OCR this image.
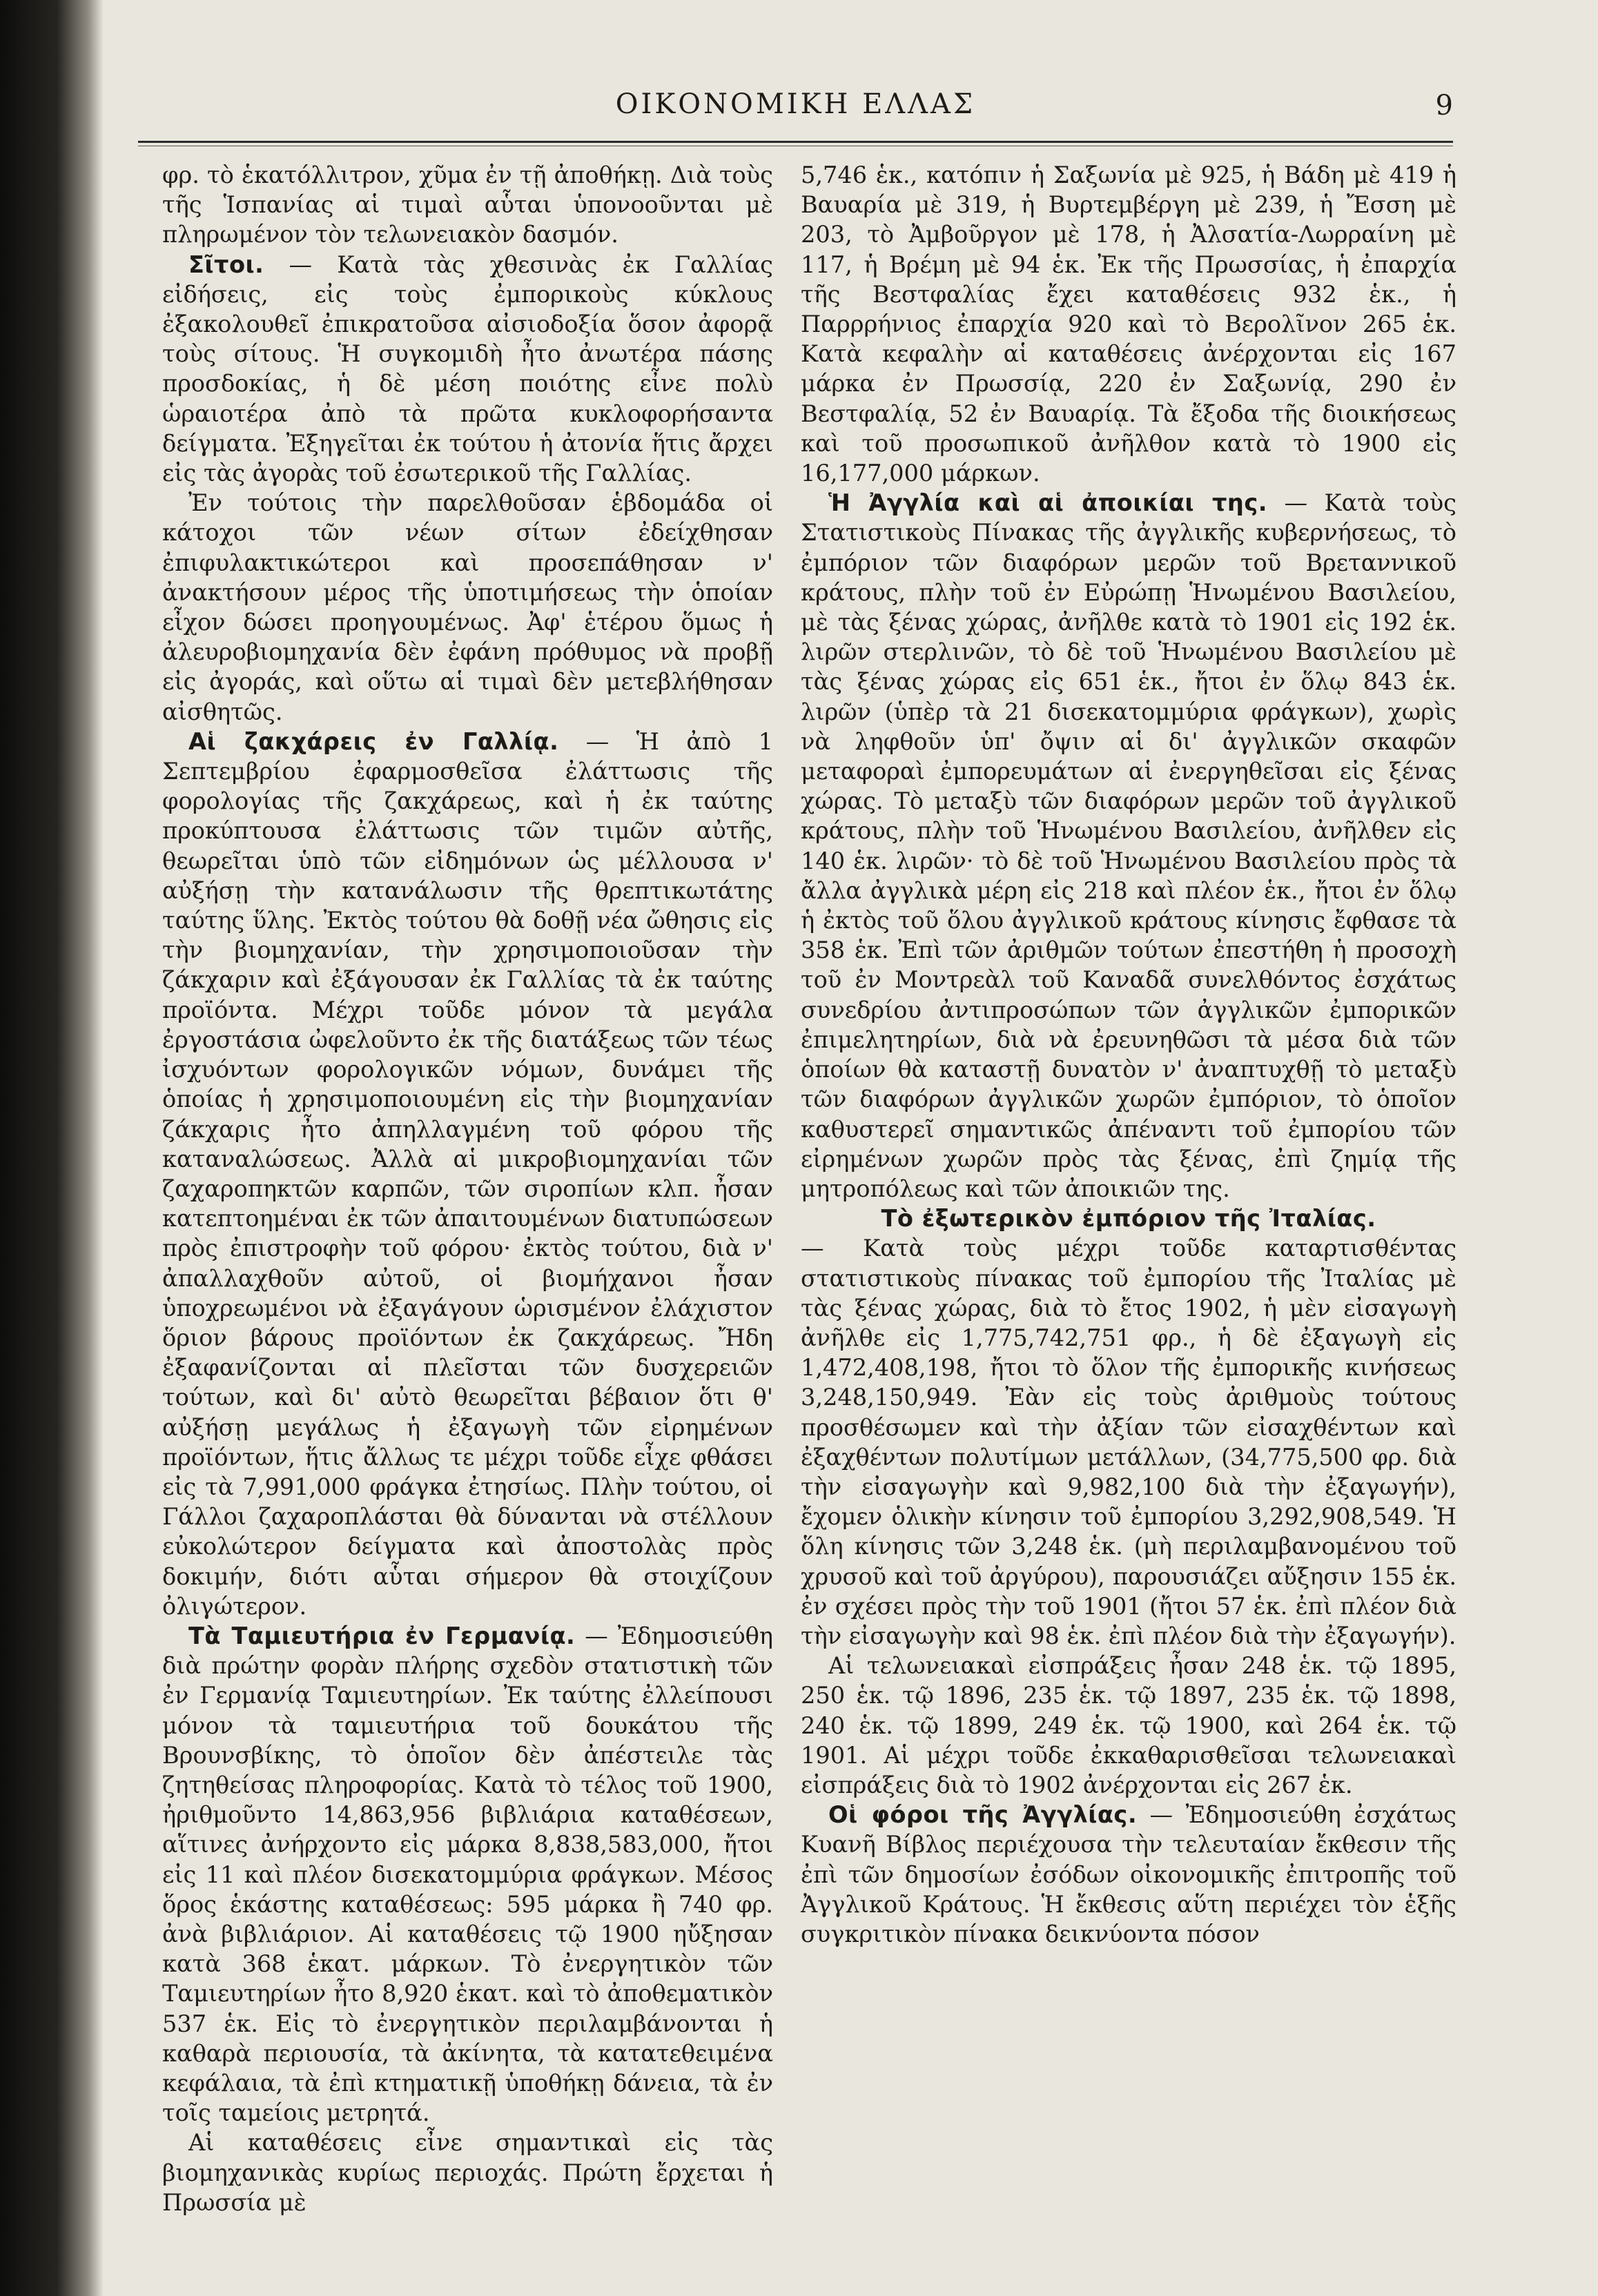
ΟΙΚΟΝΟΜΙΚΗ ΕΛΛΑΣ	9

φρ. τὸ ἑκατόλλιτρον, χῦμα ἐν τῇ ἀποθήκῃ. Διὰ τοὺς τῆς Ἱσπανίας αἱ τιμαὶ αὗται ὑπονοοῦνται μὲ πληρωμένον τὸν τελωνειακὸν δασμόν.

Σῖτοι. — Κατὰ τὰς χθεσινὰς ἐκ Γαλλίας εἰδήσεις, εἰς τοὺς ἐμπορικοὺς κύκλους ἐξακολουθεῖ ἐπικρατοῦσα αἰσιοδοξία ὅσον ἀφορᾷ τοὺς σίτους. Ἡ συγκομιδὴ ἦτο ἀνωτέρα πάσης προσδοκίας, ἡ δὲ μέση ποιότης εἶνε πολὺ ὡραιοτέρα ἀπὸ τὰ πρῶτα κυκλοφορήσαντα δείγματα. Ἐξηγεῖται ἐκ τούτου ἡ ἀτονία ἥτις ἄρχει εἰς τὰς ἀγορὰς τοῦ ἐσωτερικοῦ τῆς Γαλλίας.

Ἐν τούτοις τὴν παρελθοῦσαν ἑβδομάδα οἱ κάτοχοι τῶν νέων σίτων ἐδείχθησαν ἐπιφυλακτικώτεροι καὶ προσεπάθησαν ν' ἀνακτήσουν μέρος τῆς ὑποτιμήσεως τὴν ὁποίαν εἶχον δώσει προηγουμένως. Ἀφ' ἑτέρου ὅμως ἡ ἀλευροβιομηχανία δὲν ἐφάνη πρόθυμος νὰ προβῇ εἰς ἀγοράς, καὶ οὕτω αἱ τιμαὶ δὲν μετεβλήθησαν αἰσθητῶς.

Αἱ ζακχάρεις ἐν Γαλλίᾳ. — Ἡ ἀπὸ 1 Σεπτεμβρίου ἐφαρμοσθεῖσα ἐλάττωσις τῆς φορολογίας τῆς ζακχάρεως, καὶ ἡ ἐκ ταύτης προκύπτουσα ἐλάττωσις τῶν τιμῶν αὐτῆς, θεωρεῖται ὑπὸ τῶν εἰδημόνων ὡς μέλλουσα ν' αὐξήσῃ τὴν κατανάλωσιν τῆς θρεπτικωτάτης ταύτης ὕλης. Ἐκτὸς τούτου θὰ δοθῇ νέα ὤθησις εἰς τὴν βιομηχανίαν, τὴν χρησιμοποιοῦσαν τὴν ζάκχαριν καὶ ἐξάγουσαν ἐκ Γαλλίας τὰ ἐκ ταύτης προϊόντα. Μέχρι τοῦδε μόνον τὰ μεγάλα ἐργοστάσια ὠφελοῦντο ἐκ τῆς διατάξεως τῶν τέως ἰσχυόντων φορολογικῶν νόμων, δυνάμει τῆς ὁποίας ἡ χρησιμοποιουμένη εἰς τὴν βιομηχανίαν ζάκχαρις ἦτο ἀπηλλαγμένη τοῦ φόρου τῆς καταναλώσεως. Ἀλλὰ αἱ μικροβιομηχανίαι τῶν ζαχαροπηκτῶν καρπῶν, τῶν σιροπίων κλπ. ἦσαν κατεπτοημέναι ἐκ τῶν ἀπαιτουμένων διατυπώσεων πρὸς ἐπιστροφὴν τοῦ φόρου· ἐκτὸς τούτου, διὰ ν' ἀπαλλαχθοῦν αὐτοῦ, οἱ βιομήχανοι ἦσαν ὑποχρεωμένοι νὰ ἐξαγάγουν ὡρισμένον ἐλάχιστον ὅριον βάρους προϊόντων ἐκ ζακχάρεως. Ἤδη ἐξαφανίζονται αἱ πλεῖσται τῶν δυσχερειῶν τούτων, καὶ δι' αὐτὸ θεωρεῖται βέβαιον ὅτι θ' αὐξήσῃ μεγάλως ἡ ἐξαγωγὴ τῶν εἰρημένων προϊόντων, ἥτις ἄλλως τε μέχρι τοῦδε εἶχε φθάσει εἰς τὰ 7,991,000 φράγκα ἐτησίως. Πλὴν τούτου, οἱ Γάλλοι ζαχαροπλάσται θὰ δύνανται νὰ στέλλουν εὐκολώτερον δείγματα καὶ ἀποστολὰς πρὸς δοκιμήν, διότι αὗται σήμερον θὰ στοιχίζουν ὀλιγώτερον.

Τὰ Ταμιευτήρια ἐν Γερμανίᾳ. — Ἐδημοσιεύθη διὰ πρώτην φορὰν πλήρης σχεδὸν στατιστικὴ τῶν ἐν Γερμανίᾳ Ταμιευτηρίων. Ἐκ ταύτης ἐλλείπουσι μόνον τὰ ταμιευτήρια τοῦ δουκάτου τῆς Βρουνσβίκης, τὸ ὁποῖον δὲν ἀπέστειλε τὰς ζητηθείσας πληροφορίας. Κατὰ τὸ τέλος τοῦ 1900, ἠριθμοῦντο 14,863,956 βιβλιάρια καταθέσεων, αἵτινες ἀνήρχοντο εἰς μάρκα 8,838,583,000, ἤτοι εἰς 11 καὶ πλέον δισεκατομμύρια φράγκων. Μέσος ὅρος ἑκάστης καταθέσεως: 595 μάρκα ἢ 740 φρ. ἀνὰ βιβλιάριον. Αἱ καταθέσεις τῷ 1900 ηὔξησαν κατὰ 368 ἑκατ. μάρκων. Τὸ ἐνεργητικὸν τῶν Ταμιευτηρίων ἦτο 8,920 ἑκατ. καὶ τὸ ἀποθεματικὸν 537 ἑκ. Εἰς τὸ ἐνεργητικὸν περιλαμβάνονται ἡ καθαρὰ περιουσία, τὰ ἀκίνητα, τὰ κατατεθειμένα κεφάλαια, τὰ ἐπὶ κτηματικῇ ὑποθήκῃ δάνεια, τὰ ἐν τοῖς ταμείοις μετρητά.

Αἱ καταθέσεις εἶνε σημαντικαὶ εἰς τὰς βιομηχανικὰς κυρίως περιοχάς. Πρώτη ἔρχεται ἡ Πρωσσία μὲ

5,746 ἑκ., κατόπιν ἡ Σαξωνία μὲ 925, ἡ Βάδη μὲ 419 ἡ Βαυαρία μὲ 319, ἡ Βυρτεμβέργη μὲ 239, ἡ Ἔσση μὲ 203, τὸ Ἀμβοῦργον μὲ 178, ἡ Ἀλσατία-Λωρραίνη μὲ 117, ἡ Βρέμη μὲ 94 ἑκ. Ἐκ τῆς Πρωσσίας, ἡ ἐπαρχία τῆς Βεστφαλίας ἔχει καταθέσεις 932 ἑκ., ἡ Παρρρήνιος ἐπαρχία 920 καὶ τὸ Βερολῖνον 265 ἑκ. Κατὰ κεφαλὴν αἱ καταθέσεις ἀνέρχονται εἰς 167 μάρκα ἐν Πρωσσίᾳ, 220 ἐν Σαξωνίᾳ, 290 ἐν Βεστφαλίᾳ, 52 ἐν Βαυαρίᾳ. Τὰ ἔξοδα τῆς διοικήσεως καὶ τοῦ προσωπικοῦ ἀνῆλθον κατὰ τὸ 1900 εἰς 16,177,000 μάρκων.

Ἡ Ἀγγλία καὶ αἱ ἀποικίαι της. — Κατὰ τοὺς Στατιστικοὺς Πίνακας τῆς ἀγγλικῆς κυβερνήσεως, τὸ ἐμπόριον τῶν διαφόρων μερῶν τοῦ Βρεταννικοῦ κράτους, πλὴν τοῦ ἐν Εὐρώπῃ Ἡνωμένου Βασιλείου, μὲ τὰς ξένας χώρας, ἀνῆλθε κατὰ τὸ 1901 εἰς 192 ἑκ. λιρῶν στερλινῶν, τὸ δὲ τοῦ Ἡνωμένου Βασιλείου μὲ τὰς ξένας χώρας εἰς 651 ἑκ., ἤτοι ἐν ὅλῳ 843 ἑκ. λιρῶν (ὑπὲρ τὰ 21 δισεκατομμύρια φράγκων), χωρὶς νὰ ληφθοῦν ὑπ' ὄψιν αἱ δι' ἀγγλικῶν σκαφῶν μεταφοραὶ ἐμπορευμάτων αἱ ἐνεργηθεῖσαι εἰς ξένας χώρας. Τὸ μεταξὺ τῶν διαφόρων μερῶν τοῦ ἀγγλικοῦ κράτους, πλὴν τοῦ Ἡνωμένου Βασιλείου, ἀνῆλθεν εἰς 140 ἑκ. λιρῶν· τὸ δὲ τοῦ Ἡνωμένου Βασιλείου πρὸς τὰ ἄλλα ἀγγλικὰ μέρη εἰς 218 καὶ πλέον ἑκ., ἤτοι ἐν ὅλῳ ἡ ἐκτὸς τοῦ ὅλου ἀγγλικοῦ κράτους κίνησις ἔφθασε τὰ 358 ἑκ. Ἐπὶ τῶν ἀριθμῶν τούτων ἐπεστήθη ἡ προσοχὴ τοῦ ἐν Μοντρεὰλ τοῦ Καναδᾶ συνελθόντος ἐσχάτως συνεδρίου ἀντιπροσώπων τῶν ἀγγλικῶν ἐμπορικῶν ἐπιμελητηρίων, διὰ νὰ ἐρευνηθῶσι τὰ μέσα διὰ τῶν ὁποίων θὰ καταστῇ δυνατὸν ν' ἀναπτυχθῇ τὸ μεταξὺ τῶν διαφόρων ἀγγλικῶν χωρῶν ἐμπόριον, τὸ ὁποῖον καθυστερεῖ σημαντικῶς ἀπέναντι τοῦ ἐμπορίου τῶν εἰρημένων χωρῶν πρὸς τὰς ξένας, ἐπὶ ζημίᾳ τῆς μητροπόλεως καὶ τῶν ἀποικιῶν της.

Τὸ ἐξωτερικὸν ἐμπόριον τῆς Ἰταλίας.
— Κατὰ τοὺς μέχρι τοῦδε καταρτισθέντας στατιστικοὺς πίνακας τοῦ ἐμπορίου τῆς Ἰταλίας μὲ τὰς ξένας χώρας, διὰ τὸ ἔτος 1902, ἡ μὲν εἰσαγωγὴ ἀνῆλθε εἰς 1,775,742,751 φρ., ἡ δὲ ἐξαγωγὴ εἰς 1,472,408,198, ἤτοι τὸ ὅλον τῆς ἐμπορικῆς κινήσεως 3,248,150,949. Ἐὰν εἰς τοὺς ἀριθμοὺς τούτους προσθέσωμεν καὶ τὴν ἀξίαν τῶν εἰσαχθέντων καὶ ἐξαχθέντων πολυτίμων μετάλλων, (34,775,500 φρ. διὰ τὴν εἰσαγωγὴν καὶ 9,982,100 διὰ τὴν ἐξαγωγήν), ἔχομεν ὁλικὴν κίνησιν τοῦ ἐμπορίου 3,292,908,549. Ἡ ὅλη κίνησις τῶν 3,248 ἑκ. (μὴ περιλαμβανομένου τοῦ χρυσοῦ καὶ τοῦ ἀργύρου), παρουσιάζει αὔξησιν 155 ἑκ. ἐν σχέσει πρὸς τὴν τοῦ 1901 (ἤτοι 57 ἑκ. ἐπὶ πλέον διὰ τὴν εἰσαγωγὴν καὶ 98 ἑκ. ἐπὶ πλέον διὰ τὴν ἐξαγωγήν).

Αἱ τελωνειακαὶ εἰσπράξεις ἦσαν 248 ἑκ. τῷ 1895, 250 ἑκ. τῷ 1896, 235 ἑκ. τῷ 1897, 235 ἑκ. τῷ 1898, 240 ἑκ. τῷ 1899, 249 ἑκ. τῷ 1900, καὶ 264 ἑκ. τῷ 1901. Αἱ μέχρι τοῦδε ἐκκαθαρισθεῖσαι τελωνειακαὶ εἰσπράξεις διὰ τὸ 1902 ἀνέρχονται εἰς 267 ἑκ.

Οἱ φόροι τῆς Ἀγγλίας. — Ἐδημοσιεύθη ἐσχάτως Κυανῆ Βίβλος περιέχουσα τὴν τελευταίαν ἔκθεσιν τῆς ἐπὶ τῶν δημοσίων ἐσόδων οἰκονομικῆς ἐπιτροπῆς τοῦ Ἀγγλικοῦ Κράτους. Ἡ ἔκθεσις αὕτη περιέχει τὸν ἑξῆς συγκριτικὸν πίνακα δεικνύοντα πόσον
